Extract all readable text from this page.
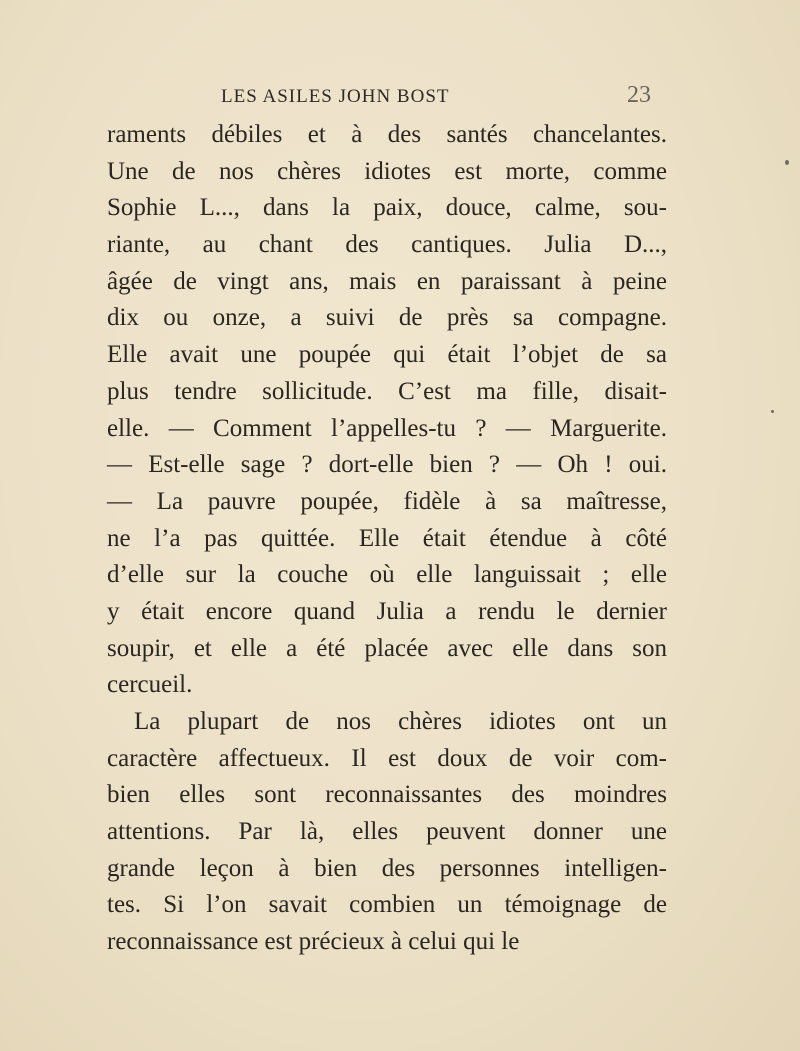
LES ASILES JOHN BOST	23
raments débiles et à des santés chancelantes.
Une de nos chères idiotes est morte, comme
Sophie L..., dans la paix, douce, calme, sou-
riante, au chant des cantiques. Julia D...,
âgée de vingt ans, mais en paraissant à peine
dix ou onze, a suivi de près sa compagne.
Elle avait une poupée qui était l’objet de sa
plus tendre sollicitude. C’est ma fille, disait-
elle. — Comment l’appelles-tu ? — Marguerite.
— Est-elle sage ? dort-elle bien ? — Oh ! oui.
— La pauvre poupée, fidèle à sa maîtresse,
ne l’a pas quittée. Elle était étendue à côté
d’elle sur la couche où elle languissait ; elle
y était encore quand Julia a rendu le dernier
soupir, et elle a été placée avec elle dans son
cercueil.
La plupart de nos chères idiotes ont un
caractère affectueux. Il est doux de voir com-
bien elles sont reconnaissantes des moindres
attentions. Par là, elles peuvent donner une
grande leçon à bien des personnes intelligen-
tes. Si l’on savait combien un témoignage de
reconnaissance est précieux à celui qui le
